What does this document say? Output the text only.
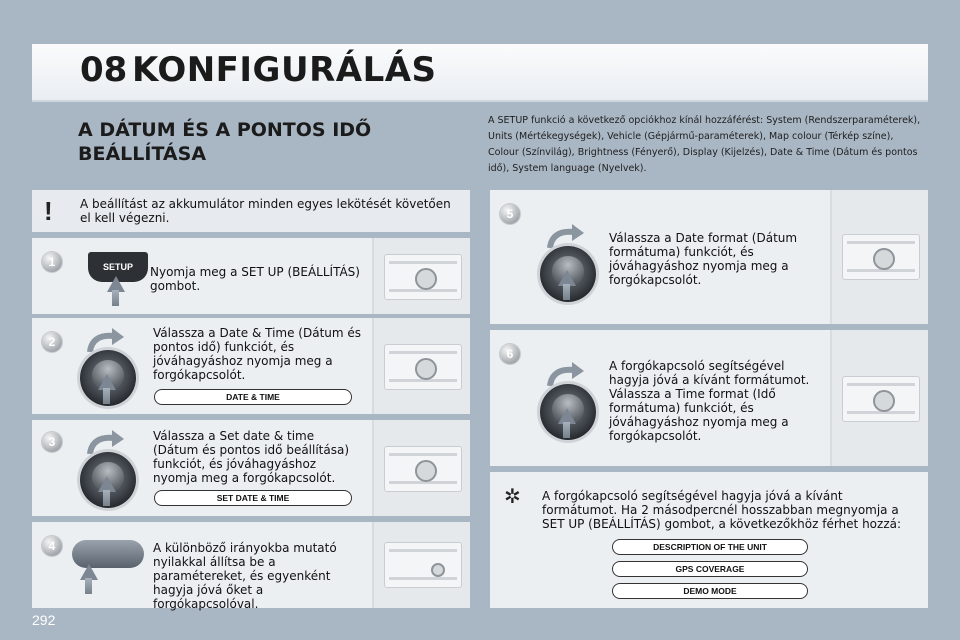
08 KONFIGURÁLÁS
A DÁTUM ÉS A PONTOS IDŐ BEÁLLÍTÁSA
A SETUP funkció a következő opciókhoz kínál hozzáférést: System (Rendszerparaméterek), Units (Mértékegységek), Vehicle (Gépjármű-paraméterek), Map colour (Térkép színe), Colour (Színvilág), Brightness (Fényerő), Display (Kijelzés), Date & Time (Dátum és pontos idő), System language (Nyelvek).
! A beállítást az akkumulátor minden egyes lekötését követően el kell végezni.
1
2
3
4
5
6
SETUP	Nyomja meg a SET UP (BEÁLLÍTÁS) gombot.
Válassza a Date & Time (Dátum és pontos idő) funkciót, és jóváhagyáshoz nyomja meg a forgókapcsolót.
DATE & TIME
Válassza a Set date & time (Dátum és pontos idő beállítása) funkciót, és jóváhagyáshoz nyomja meg a forgókapcsolót.
SET DATE & TIME
A különböző irányokba mutató nyilakkal állítsa be a paramétereket, és egyenként hagyja jóvá őket a forgókapcsolóval.
Válassza a Date format (Dátum formátuma) funkciót, és jóváhagyáshoz nyomja meg a forgókapcsolót.
A forgókapcsoló segítségével hagyja jóvá a kívánt formátumot. Válassza a Time format (Idő formátuma) funkciót, és jóváhagyáshoz nyomja meg a forgókapcsolót.
✲ A forgókapcsoló segítségével hagyja jóvá a kívánt formátumot. Ha 2 másodpercnél hosszabban megnyomja a SET UP (BEÁLLÍTÁS) gombot, a következőkhöz férhet hozzá:
DESCRIPTION OF THE UNIT
GPS COVERAGE
DEMO MODE
292
